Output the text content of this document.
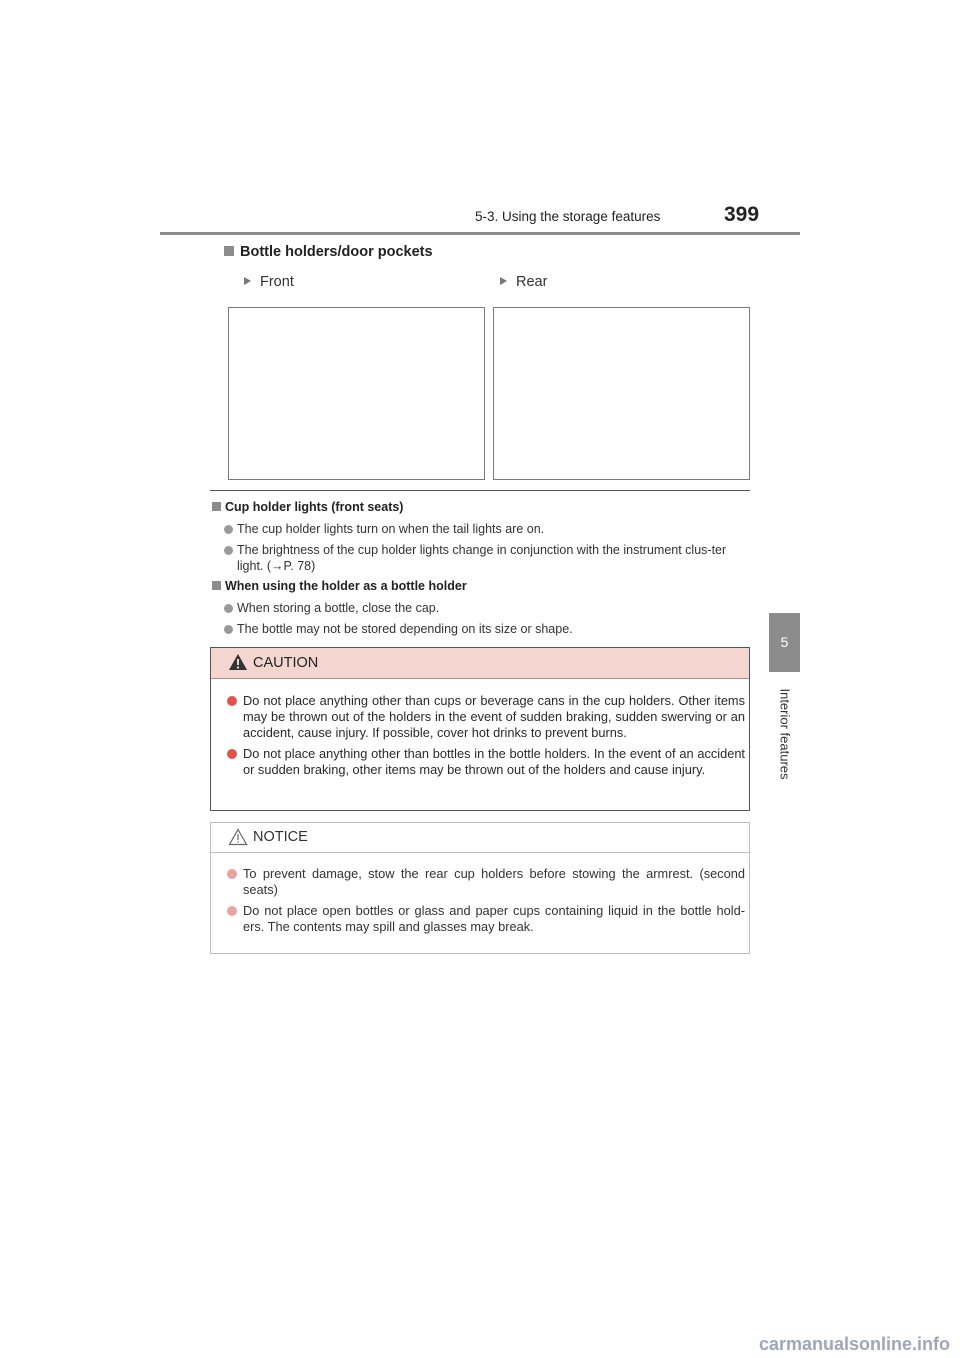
5-3. Using the storage features	399
5
Interior features
Bottle holders/door pockets
Front	Rear
Cup holder lights (front seats)
The cup holder lights turn on when the tail lights are on.
The brightness of the cup holder lights change in conjunction with the instrument clus-ter light. (→P. 78)
When using the holder as a bottle holder
When storing a bottle, close the cap.
The bottle may not be stored depending on its size or shape.
CAUTION
Do not place anything other than cups or beverage cans in the cup holders. Other items may be thrown out of the holders in the event of sudden braking, sudden swerving or an accident, cause injury. If possible, cover hot drinks to prevent burns.
Do not place anything other than bottles in the bottle holders. In the event of an accident or sudden braking, other items may be thrown out of the holders and cause injury.
NOTICE
To prevent damage, stow the rear cup holders before stowing the armrest. (second seats)
Do not place open bottles or glass and paper cups containing liquid in the bottle hold-ers. The contents may spill and glasses may break.
carmanualsonline.info
